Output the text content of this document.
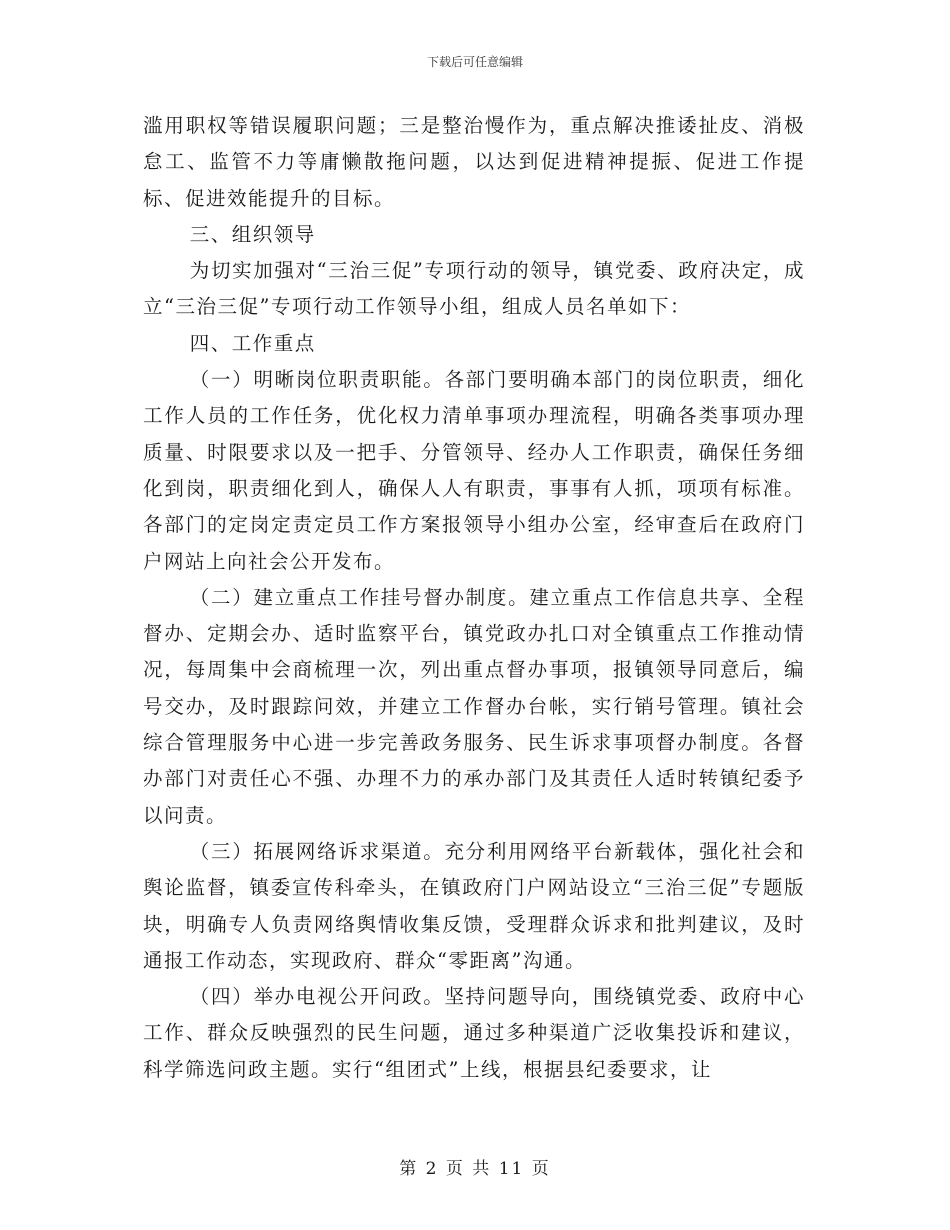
下载后可任意编辑

滥用职权等错误履职问题；三是整治慢作为，重点解决推诿扯皮、消极怠工、监管不力等庸懒散拖问题，以达到促进精神提振、促进工作提标、促进效能提升的目标。

三、组织领导

为切实加强对“三治三促”专项行动的领导，镇党委、政府决定，成立“三治三促”专项行动工作领导小组，组成人员名单如下：

四、工作重点

（一）明晰岗位职责职能。各部门要明确本部门的岗位职责，细化工作人员的工作任务，优化权力清单事项办理流程，明确各类事项办理质量、时限要求以及一把手、分管领导、经办人工作职责，确保任务细化到岗，职责细化到人，确保人人有职责，事事有人抓，项项有标准。各部门的定岗定责定员工作方案报领导小组办公室，经审查后在政府门户网站上向社会公开发布。

（二）建立重点工作挂号督办制度。建立重点工作信息共享、全程督办、定期会办、适时监察平台，镇党政办扎口对全镇重点工作推动情况，每周集中会商梳理一次，列出重点督办事项，报镇领导同意后，编号交办，及时跟踪问效，并建立工作督办台帐，实行销号管理。镇社会综合管理服务中心进一步完善政务服务、民生诉求事项督办制度。各督办部门对责任心不强、办理不力的承办部门及其责任人适时转镇纪委予以问责。

（三）拓展网络诉求渠道。充分利用网络平台新载体，强化社会和舆论监督，镇委宣传科牵头，在镇政府门户网站设立“三治三促”专题版块，明确专人负责网络舆情收集反馈，受理群众诉求和批判建议，及时通报工作动态，实现政府、群众“零距离”沟通。

（四）举办电视公开问政。坚持问题导向，围绕镇党委、政府中心工作、群众反映强烈的民生问题，通过多种渠道广泛收集投诉和建议，科学筛选问政主题。实行“组团式”上线，根据县纪委要求，让

第 2 页 共 11 页
